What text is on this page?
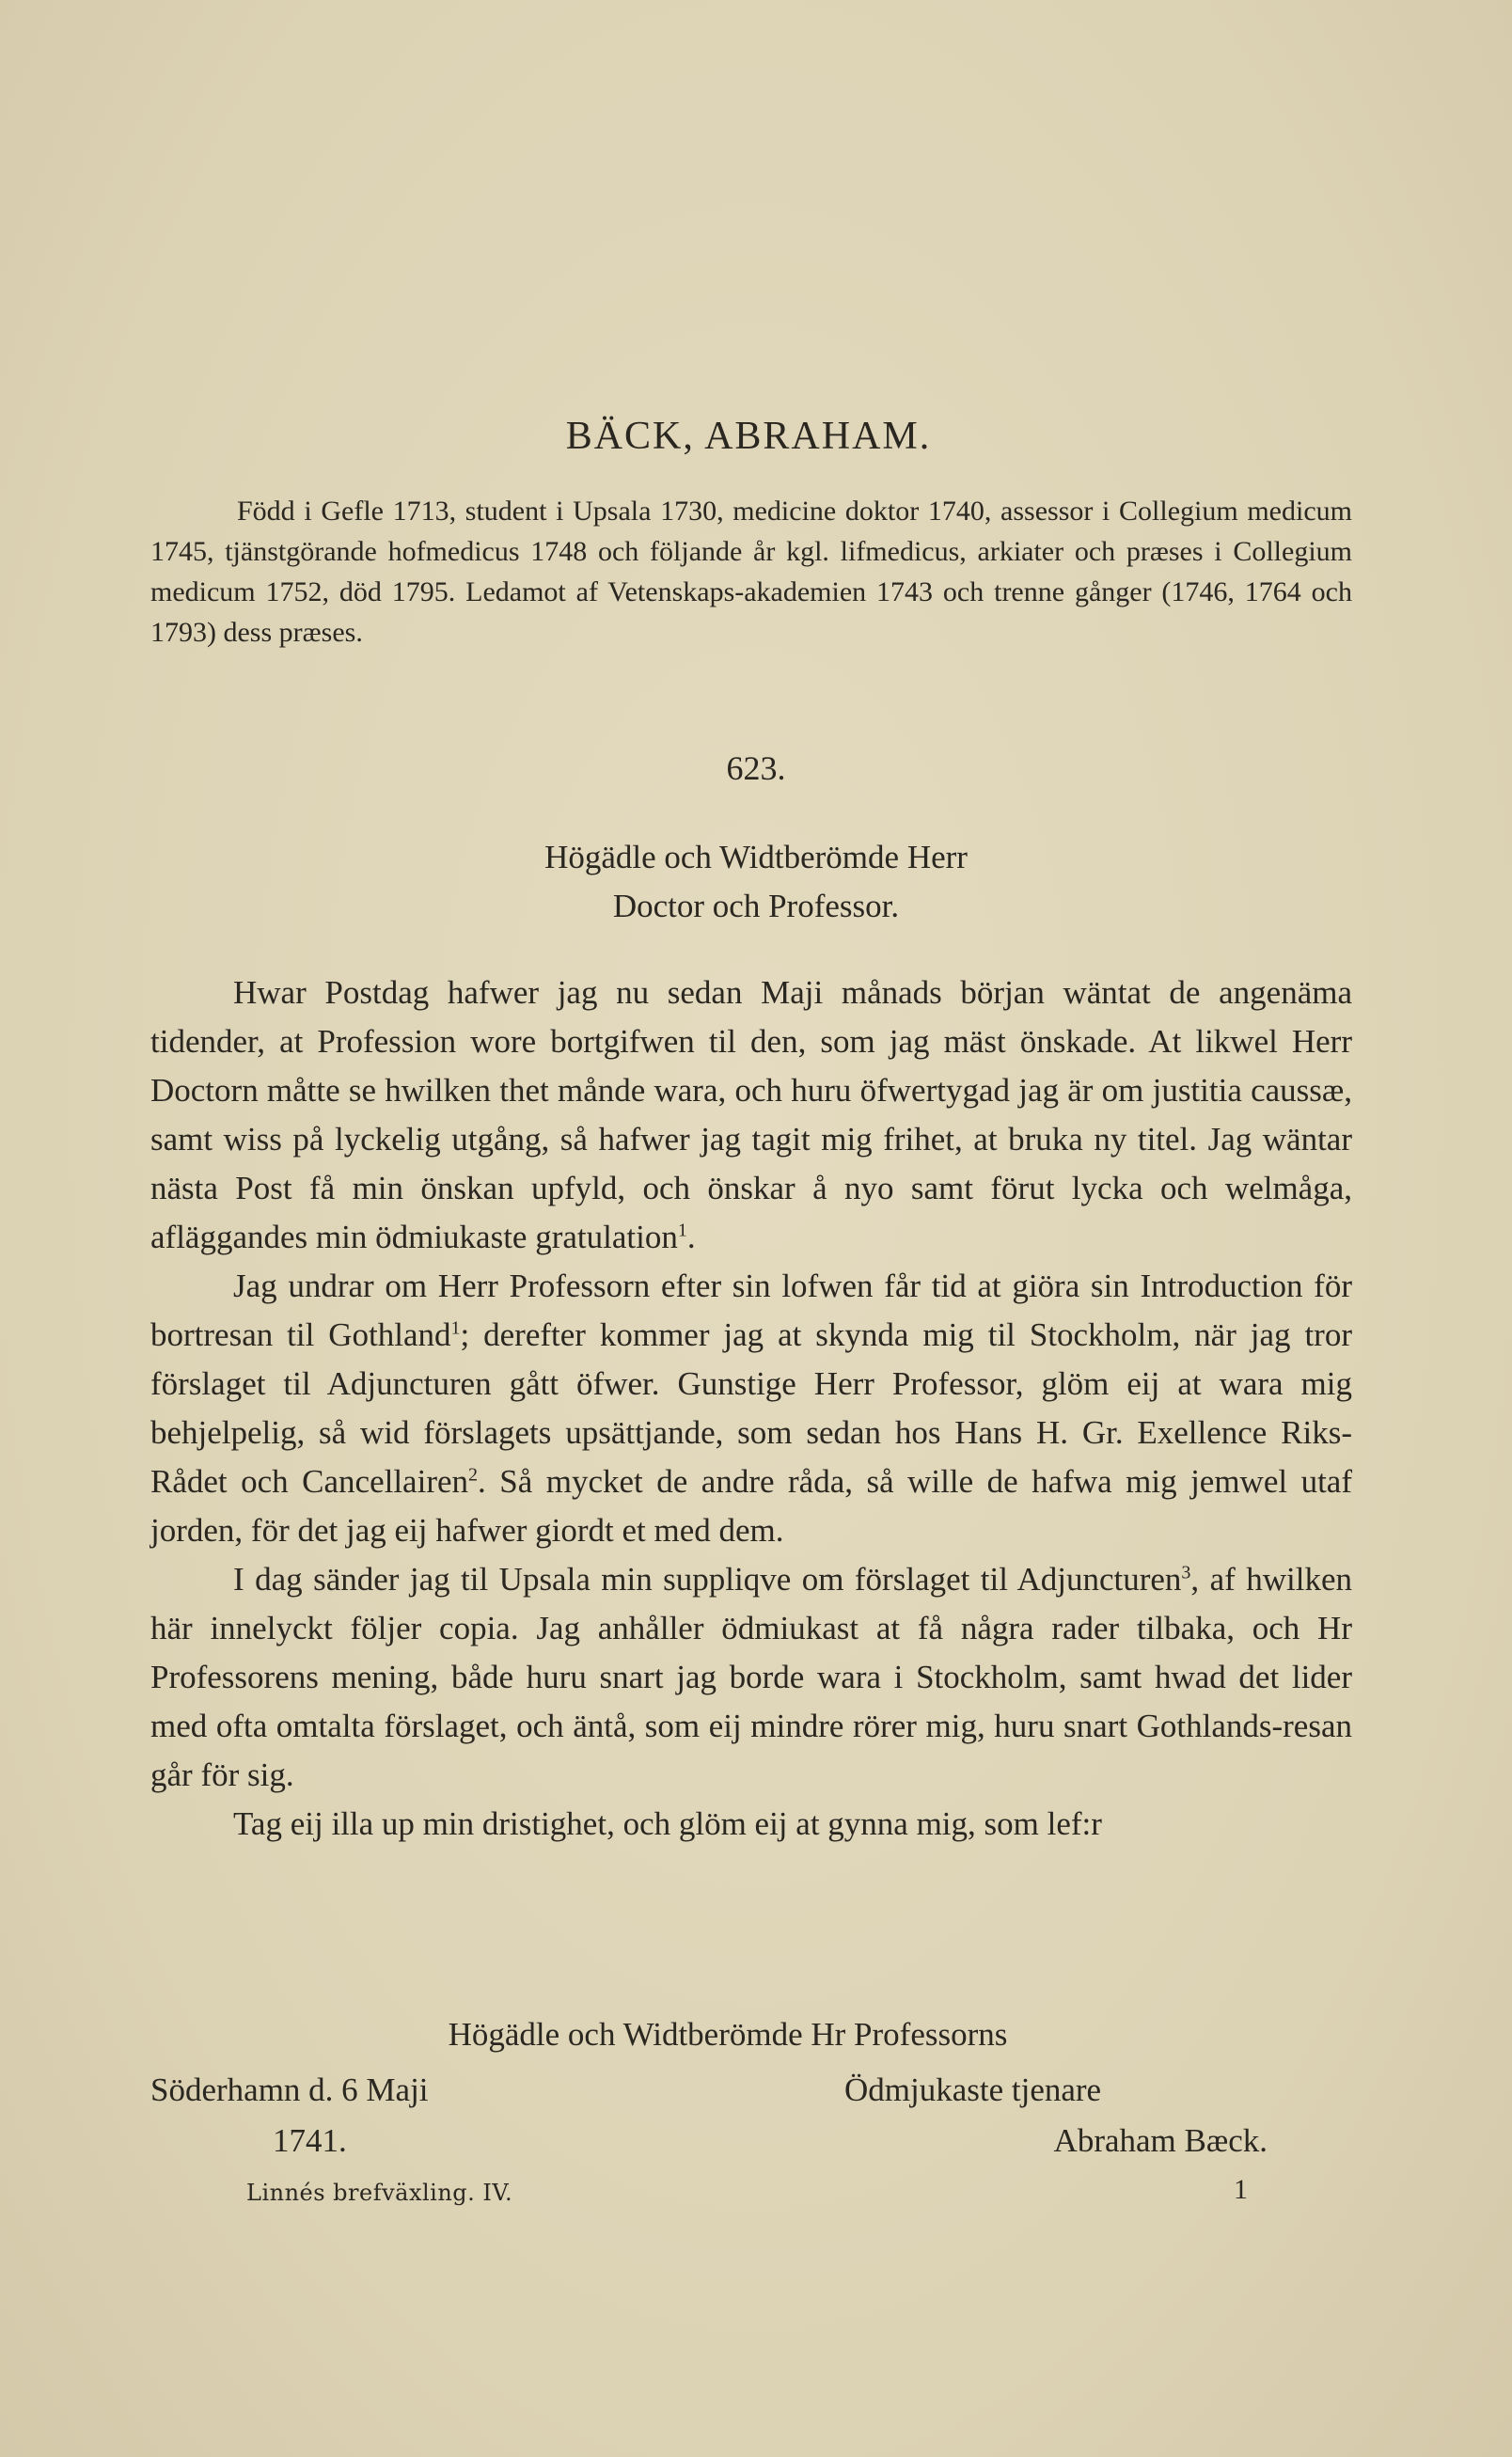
BÄCK, ABRAHAM.

Född i Gefle 1713, student i Upsala 1730, medicine doktor 1740, assessor i Collegium medicum 1745, tjänstgörande hofmedicus 1748 och följande år kgl. lifmedicus, arkiater och præses i Collegium medicum 1752, död 1795. Ledamot af Vetenskaps-akademien 1743 och trenne gånger (1746, 1764 och 1793) dess præses.

623.
Högädle och Widtberömde Herr
Doctor och Professor.

Hwar Postdag hafwer jag nu sedan Maji månads början wäntat de angenäma tidender, at Profession wore bortgifwen til den, som jag mäst önskade. At likwel Herr Doctorn måtte se hwilken thet månde wara, och huru öfwertygad jag är om justitia caussæ, samt wiss på lyckelig utgång, så hafwer jag tagit mig frihet, at bruka ny titel. Jag wäntar nästa Post få min önskan upfyld, och önskar å nyo samt förut lycka och welmåga, afläggandes min ödmiukaste gratulation$^1$.

Jag undrar om Herr Professorn efter sin lofwen får tid at giöra sin Introduction för bortresan til Gothland$^1$; derefter kommer jag at skynda mig til Stockholm, när jag tror förslaget til Adjuncturen gått öfwer. Gunstige Herr Professor, glöm eij at wara mig behjelpelig, så wid förslagets upsättjande, som sedan hos Hans H. Gr. Exellence Riks-Rådet och Cancellairen$^2$. Så mycket de andre råda, så wille de hafwa mig jemwel utaf jorden, för det jag eij hafwer giordt et med dem.

I dag sänder jag til Upsala min suppliqve om förslaget til Adjuncturen$^3$, af hwilken här innelyckt följer copia. Jag anhåller ödmiukast at få några rader tilbaka, och Hr Professorens mening, både huru snart jag borde wara i Stockholm, samt hwad det lider med ofta omtalta förslaget, och äntå, som eij mindre rörer mig, huru snart Gothlands-resan går för sig.

Tag eij illa up min dristighet, och glöm eij at gynna mig, som lef:r

Högädle och Widtberömde Hr Professorns
Söderhamn d. 6 Maji
1741.
Ödmjukaste tjenare
Abraham Bæck.
Linnés brefväxling. IV.	1
